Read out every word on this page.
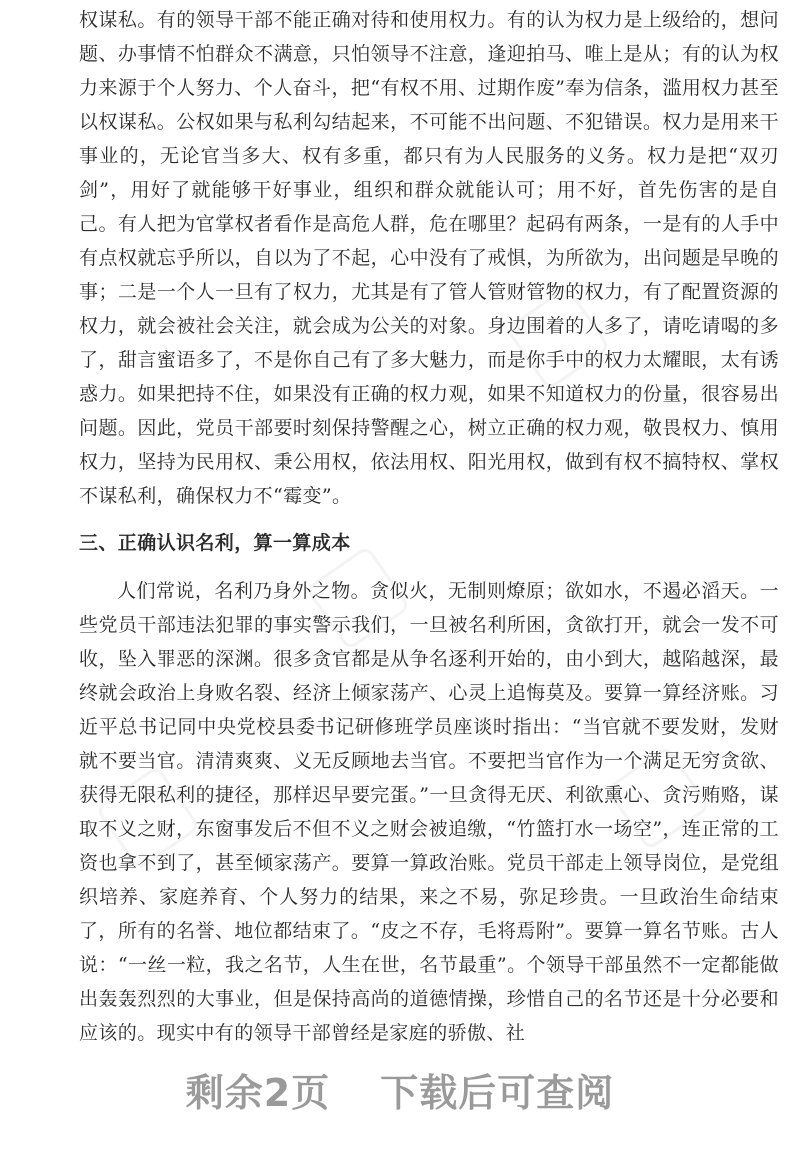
权谋私。有的领导干部不能正确对待和使用权力。有的认为权力是上级给的，想问题、办事情不怕群众不满意，只怕领导不注意，逢迎拍马、唯上是从；有的认为权力来源于个人努力、个人奋斗，把“有权不用、过期作废”奉为信条，滥用权力甚至以权谋私。公权如果与私利勾结起来，不可能不出问题、不犯错误。权力是用来干事业的，无论官当多大、权有多重，都只有为人民服务的义务。权力是把“双刃剑”，用好了就能够干好事业，组织和群众就能认可；用不好，首先伤害的是自己。有人把为官掌权者看作是高危人群，危在哪里？起码有两条，一是有的人手中有点权就忘乎所以，自以为了不起，心中没有了戒惧，为所欲为，出问题是早晚的事；二是一个人一旦有了权力，尤其是有了管人管财管物的权力，有了配置资源的权力，就会被社会关注，就会成为公关的对象。身边围着的人多了，请吃请喝的多了，甜言蜜语多了，不是你自己有了多大魅力，而是你手中的权力太耀眼，太有诱惑力。如果把持不住，如果没有正确的权力观，如果不知道权力的份量，很容易出问题。因此，党员干部要时刻保持警醒之心，树立正确的权力观，敬畏权力、慎用权力，坚持为民用权、秉公用权，依法用权、阳光用权，做到有权不搞特权、掌权不谋私利，确保权力不“霉变”。

三、正确认识名利，算一算成本

人们常说，名利乃身外之物。贪似火，无制则燎原；欲如水，不遏必滔天。一些党员干部违法犯罪的事实警示我们，一旦被名利所困，贪欲打开，就会一发不可收，坠入罪恶的深渊。很多贪官都是从争名逐利开始的，由小到大，越陷越深，最终就会政治上身败名裂、经济上倾家荡产、心灵上追悔莫及。要算一算经济账。习近平总书记同中央党校县委书记研修班学员座谈时指出：“当官就不要发财，发财就不要当官。清清爽爽、义无反顾地去当官。不要把当官作为一个满足无穷贪欲、获得无限私利的捷径，那样迟早要完蛋。”一旦贪得无厌、利欲熏心、贪污贿赂，谋取不义之财，东窗事发后不但不义之财会被追缴，“竹篮打水一场空”，连正常的工资也拿不到了，甚至倾家荡产。要算一算政治账。党员干部走上领导岗位，是党组织培养、家庭养育、个人努力的结果，来之不易，弥足珍贵。一旦政治生命结束了，所有的名誉、地位都结束了。“皮之不存，毛将焉附”。要算一算名节账。古人说：“一丝一粒，我之名节，人生在世，名节最重”。个领导干部虽然不一定都能做出轰轰烈烈的大事业，但是保持高尚的道德情操，珍惜自己的名节还是十分必要和应该的。现实中有的领导干部曾经是家庭的骄傲、社

剩余2页 下载后可查阅
